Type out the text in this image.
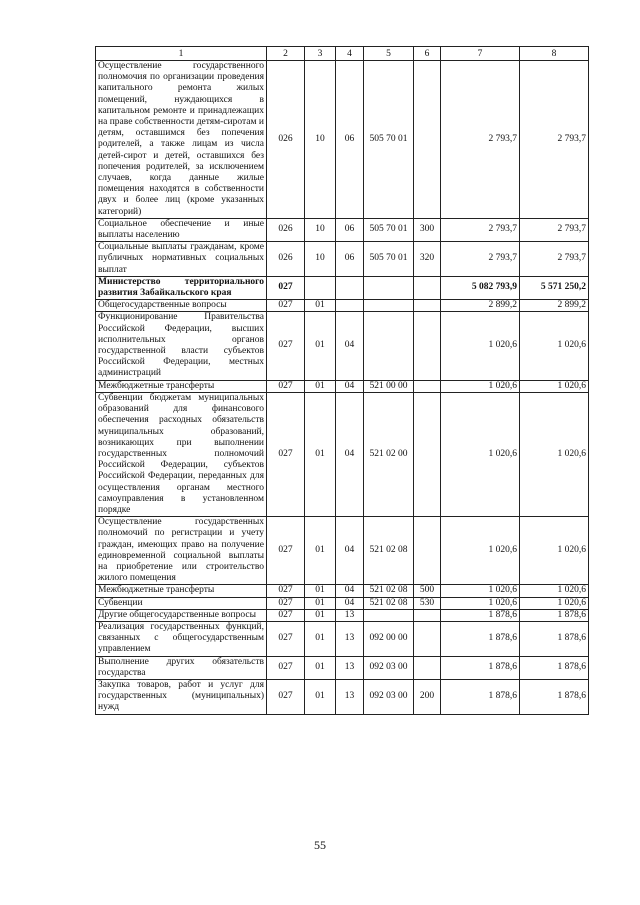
1	2	3	4	5	6	7	8
Осуществление государственного полномочия по организации проведения капитального ремонта жилых помещений, нуждающихся в капитальном ремонте и принадлежащих на праве собственности детям-сиротам и детям, оставшимся без попечения родителей, а также лицам из числа детей-сирот и детей, оставшихся без попечения родителей, за исключением случаев, когда данные жилые помещения находятся в собственности двух и более лиц (кроме указанных категорий)	026	10	06	505 70 01		2 793,7	2 793,7
Социальное обеспечение и иные выплаты населению	026	10	06	505 70 01	300	2 793,7	2 793,7
Социальные выплаты гражданам, кроме публичных нормативных социальных выплат	026	10	06	505 70 01	320	2 793,7	2 793,7
Министерство территориального развития Забайкальского края	027					5 082 793,9	5 571 250,2
Общегосударственные вопросы	027	01				2 899,2	2 899,2
Функционирование Правительства Российской Федерации, высших исполнительных органов государственной власти субъектов Российской Федерации, местных администраций	027	01	04			1 020,6	1 020,6
Межбюджетные трансферты	027	01	04	521 00 00		1 020,6	1 020,6
Субвенции бюджетам муниципальных образований для финансового обеспечения расходных обязательств муниципальных образований, возникающих при выполнении государственных полномочий Российской Федерации, субъектов Российской Федерации, переданных для осуществления органам местного самоуправления в установленном порядке	027	01	04	521 02 00		1 020,6	1 020,6
Осуществление государственных полномочий по регистрации и учету граждан, имеющих право на получение единовременной социальной выплаты на приобретение или строительство жилого помещения	027	01	04	521 02 08		1 020,6	1 020,6
Межбюджетные трансферты	027	01	04	521 02 08	500	1 020,6	1 020,6
Субвенции	027	01	04	521 02 08	530	1 020,6	1 020,6
Другие общегосударственные вопросы	027	01	13			1 878,6	1 878,6
Реализация государственных функций, связанных с общегосударственным управлением	027	01	13	092 00 00		1 878,6	1 878,6
Выполнение других обязательств государства	027	01	13	092 03 00		1 878,6	1 878,6
Закупка товаров, работ и услуг для государственных (муниципальных) нужд	027	01	13	092 03 00	200	1 878,6	1 878,6
55
